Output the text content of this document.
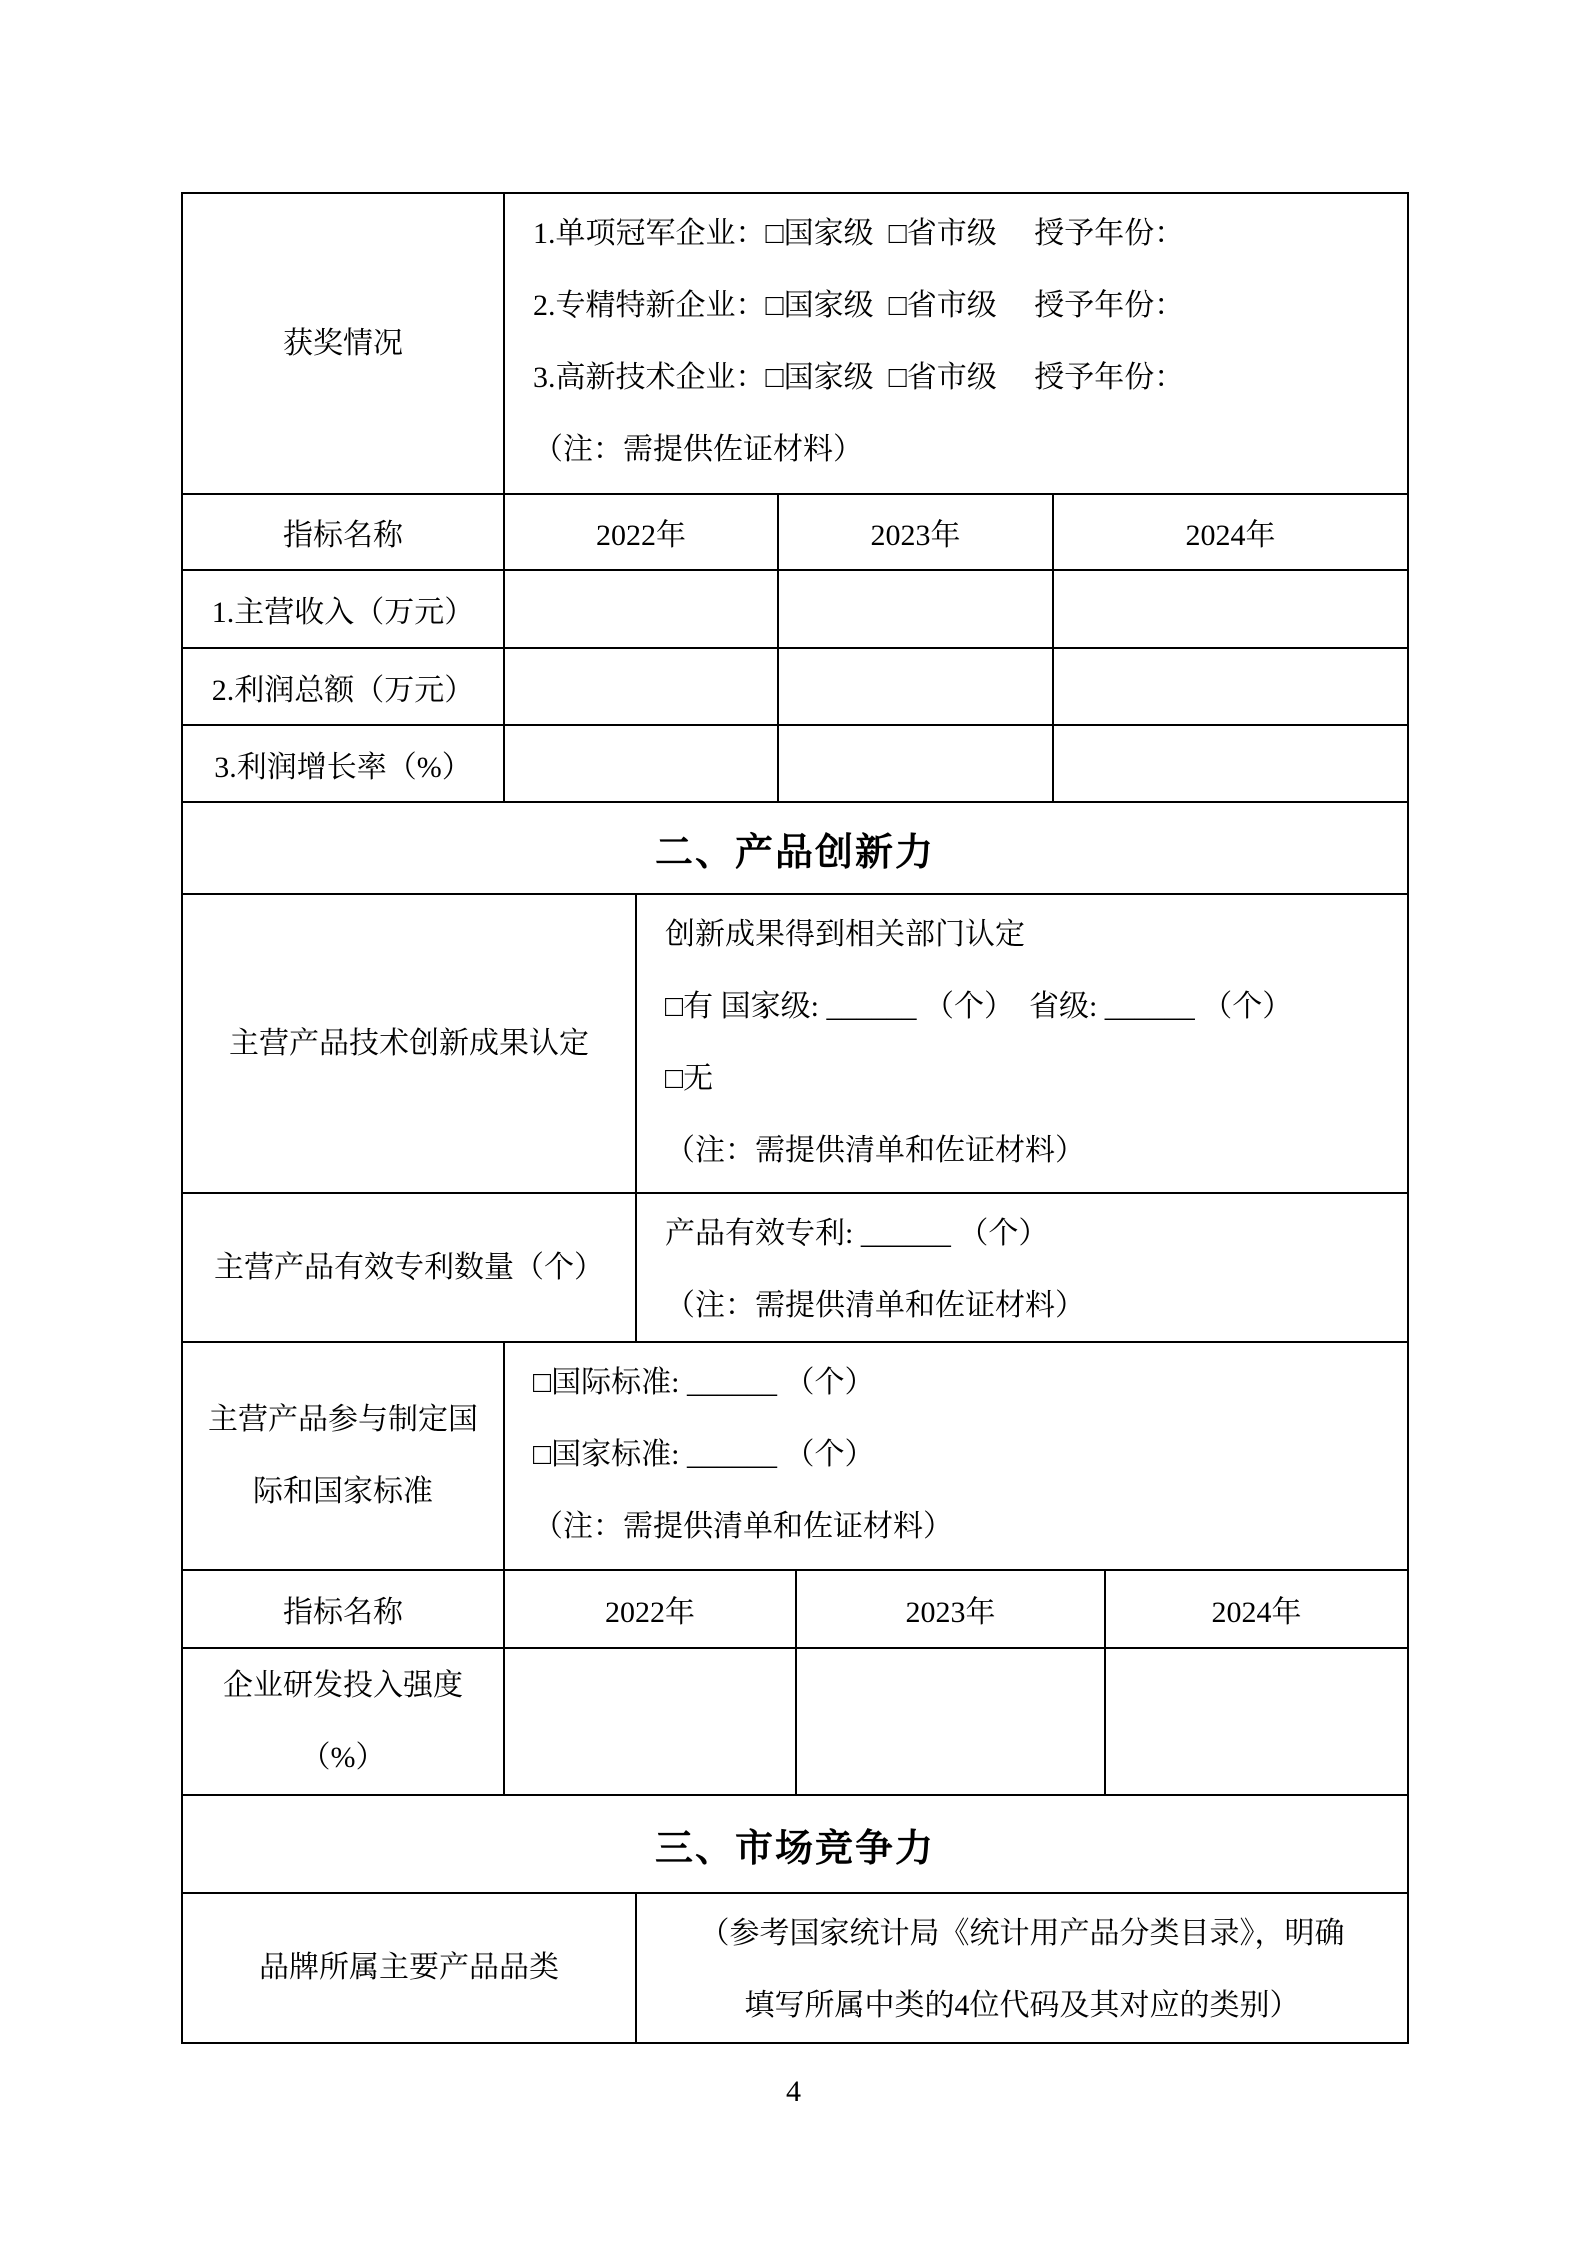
获奖情况
1.单项冠军企业：□国家级  □省市级　 授予年份：
2.专精特新企业：□国家级  □省市级　 授予年份：
3.高新技术企业：□国家级  □省市级　 授予年份：
（注：需提供佐证材料）
指标名称	2022年	2023年	2024年
1.主营收入（万元）
2.利润总额（万元）
3.利润增长率（%）
二、产品创新力
主营产品技术创新成果认定
创新成果得到相关部门认定
□有 国家级: ______ （个）  省级: ______ （个）
□无
（注：需提供清单和佐证材料）
主营产品有效专利数量（个）
产品有效专利: ______ （个）
（注：需提供清单和佐证材料）
主营产品参与制定国
际和国家标准
□国际标准: ______ （个）
□国家标准: ______ （个）
（注：需提供清单和佐证材料）
指标名称	2022年	2023年	2024年
企业研发投入强度
（%）
三、市场竞争力
品牌所属主要产品品类
（参考国家统计局《统计用产品分类目录》，明确
填写所属中类的4位代码及其对应的类别）
4
